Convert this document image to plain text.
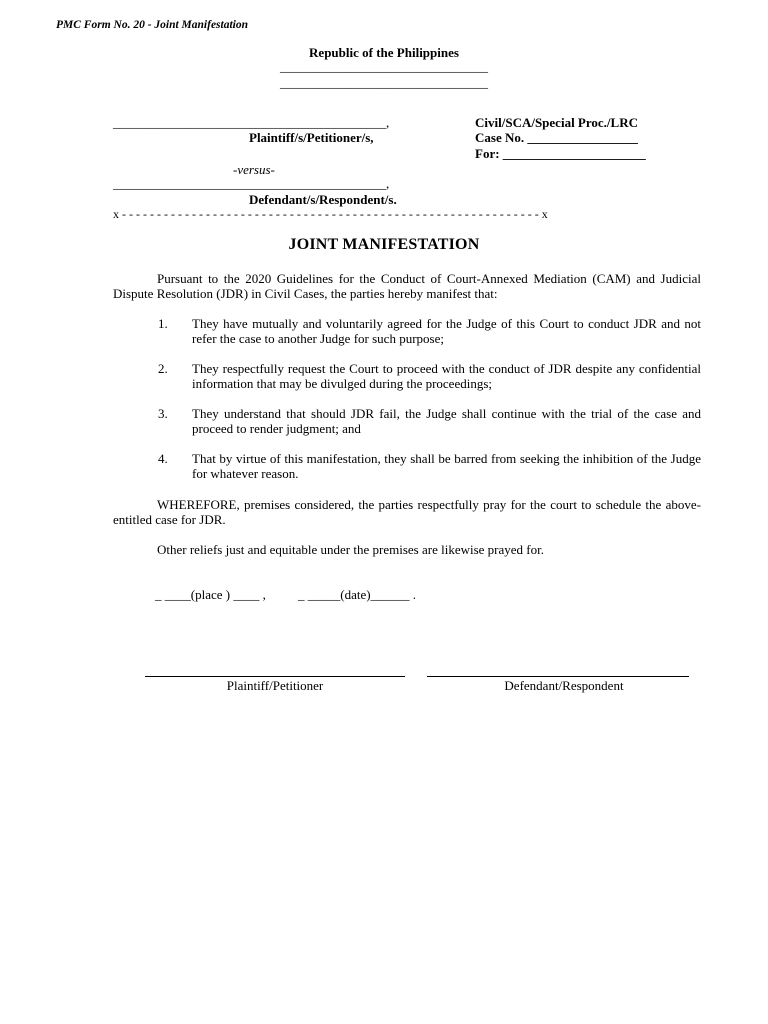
PMC Form No. 20 - Joint Manifestation
Republic of the Philippines
________________________________
________________________________
__________________________________________,
Plaintiff/s/Petitioner/s,
-versus-
__________________________________________,
Defendant/s/Respondent/s.
Civil/SCA/Special Proc./LRC
Case No. _________________
For: ______________________
x - - - - - - - - - - - - - - - - - - - - - - - - - - - - - - - - - - - - - - - - - - - - - - - - - - - - - - - - - - - - x
JOINT MANIFESTATION
Pursuant to the 2020 Guidelines for the Conduct of Court-Annexed Mediation (CAM) and Judicial Dispute Resolution (JDR) in Civil Cases, the parties hereby manifest that:
1. They have mutually and voluntarily agreed for the Judge of this Court to conduct JDR and not refer the case to another Judge for such purpose;
2. They respectfully request the Court to proceed with the conduct of JDR despite any confidential information that may be divulged during the proceedings;
3. They understand that should JDR fail, the Judge shall continue with the trial of the case and proceed to render judgment; and
4. That by virtue of this manifestation, they shall be barred from seeking the inhibition of the Judge for whatever reason.
WHEREFORE, premises considered, the parties respectfully pray for the court to schedule the above-entitled case for JDR.
Other reliefs just and equitable under the premises are likewise prayed for.
_ ____(place ) ____ , _ _____(date)______ .
Plaintiff/Petitioner	Defendant/Respondent
